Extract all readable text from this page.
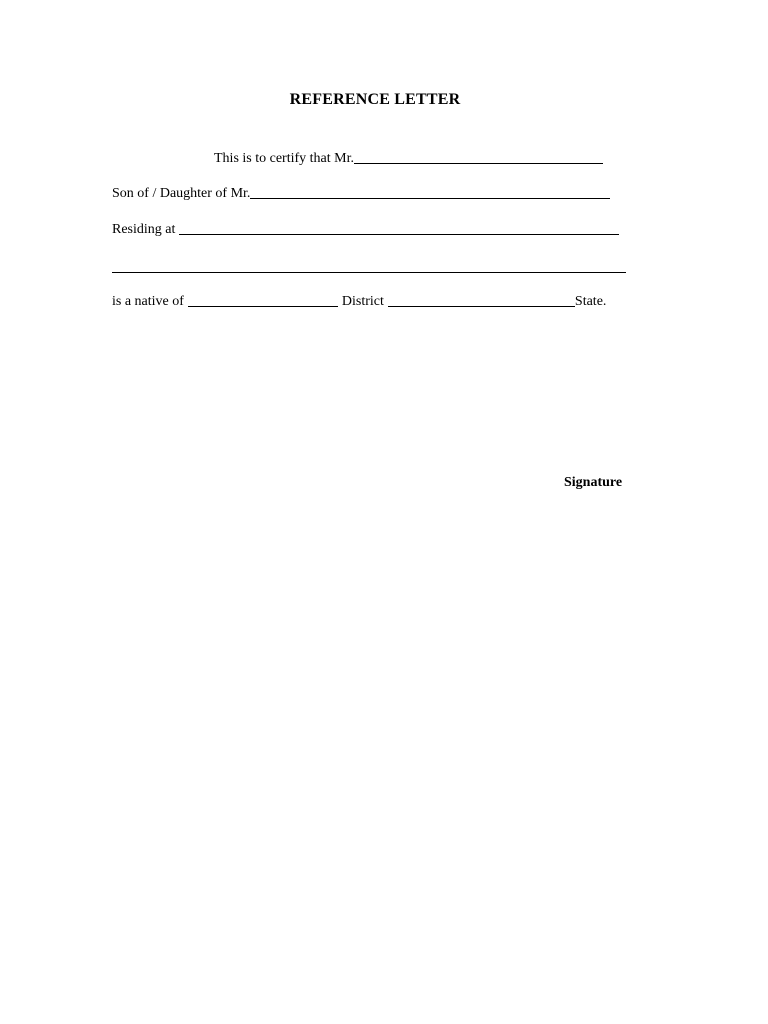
REFERENCE LETTER
This is to certify that Mr.
Son of / Daughter of Mr.
Residing at
is a native of	District	State.
Signature
